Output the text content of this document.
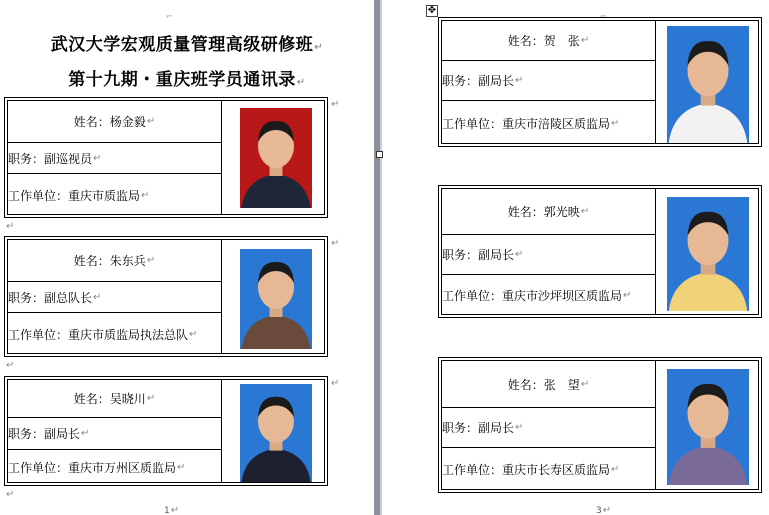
⌐
武汉大学宏观质量管理高级研修班↵
第十九期・重庆班学员通讯录↵
姓名： 杨金毅 ↵
职务： 副巡视员 ↵
工作单位： 重庆市质监局 ↵
↵
↵
姓名： 朱东兵 ↵
职务： 副总队长 ↵
工作单位： 重庆市质监局执法总队 ↵
↵
↵
姓名： 吴晓川 ↵
职务： 副局长 ↵
工作单位： 重庆市万州区质监局 ↵
↵
↵
1↵
✥
⌐
姓名： 贺　张 ↵
职务： 副局长 ↵
工作单位： 重庆市涪陵区质监局 ↵
姓名： 郭光映 ↵
职务： 副局长 ↵
工作单位： 重庆市沙坪坝区质监局 ↵
姓名： 张　望 ↵
职务： 副局长 ↵
工作单位： 重庆市长寿区质监局 ↵
3↵
